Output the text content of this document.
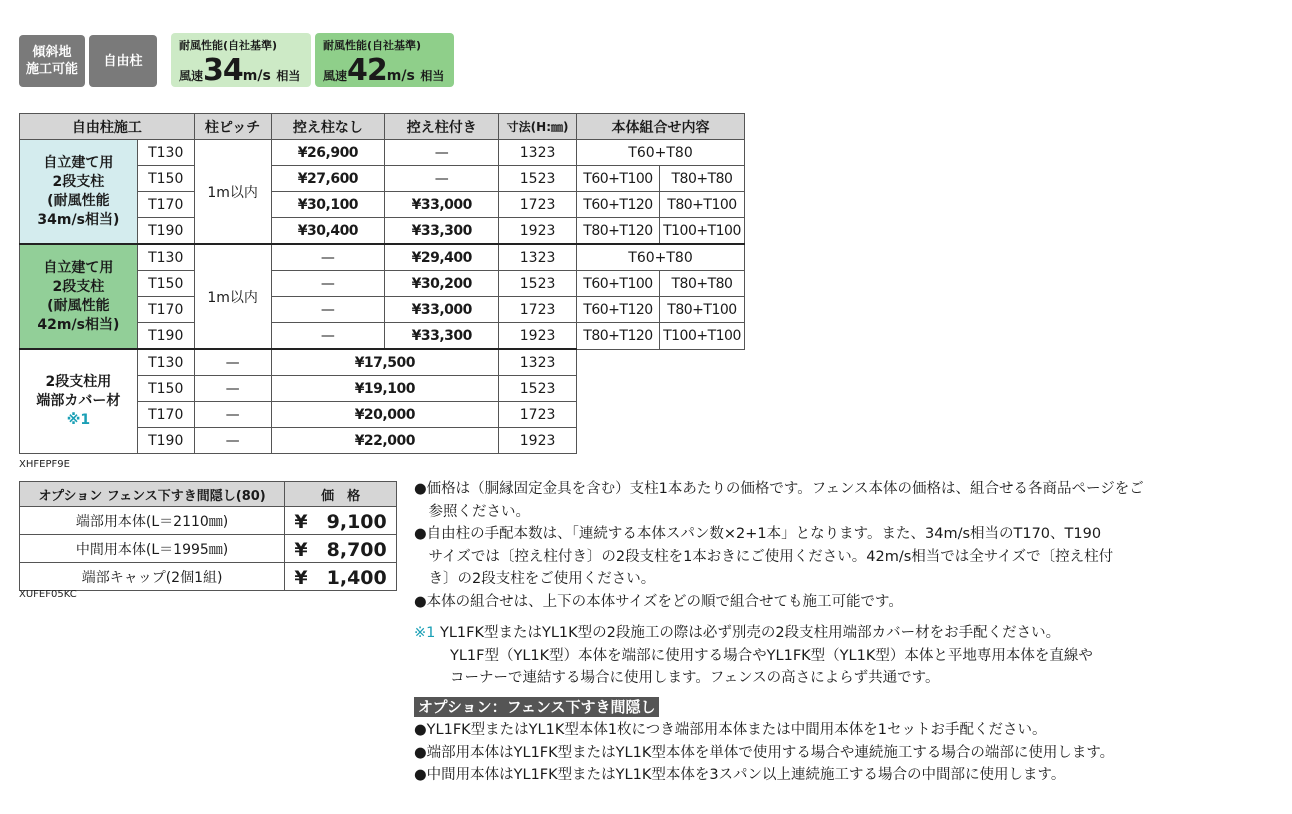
傾斜地
施工可能
自由柱
耐風性能(自社基準)
風速34m/s 相当
耐風性能(自社基準)
風速42m/s 相当
自由柱施工		柱ピッチ	控え柱なし	控え柱付き	寸法(H:㎜)	本体組合せ内容	
自立建て用
2段支柱
(耐風性能
34m/s相当)	T130	1m以内	¥26,900	—	1323	T60+T80	
	T150		¥27,600	—	1523	T60+T100	T80+T80
	T170		¥30,100	¥33,000	1723	T60+T120	T80+T100
	T190		¥30,400	¥33,300	1923	T80+T120	T100+T100
自立建て用
2段支柱
(耐風性能
42m/s相当)	T130	1m以内	—	¥29,400	1323	T60+T80	
	T150		—	¥30,200	1523	T60+T100	T80+T80
	T170		—	¥33,000	1723	T60+T120	T80+T100
	T190		—	¥33,300	1923	T80+T120	T100+T100
2段支柱用
端部カバー材
※1	T130	—	¥17,500		1323		
	T150	—	¥19,100		1523		
	T170	—	¥20,000		1723		
	T190	—	¥22,000		1923		
XHFEPF9E
オプション フェンス下すき間隠し(80)	価　格
端部用本体(L＝2110㎜)	¥　9,100
中間用本体(L＝1995㎜)	¥　8,700
端部キャップ(2個1組)	¥　1,400
XUFEF05KC
●価格は（胴縁固定金具を含む）支柱1本あたりの価格です。フェンス本体の価格は、組合せる各商品ページをご
　参照ください。
●自由柱の手配本数は、「連続する本体スパン数×2+1本」となります。また、34m/s相当のT170、T190
　サイズでは〔控え柱付き〕の2段支柱を1本おきにご使用ください。42m/s相当では全サイズで〔控え柱付
　き〕の2段支柱をご使用ください。
●本体の組合せは、上下の本体サイズをどの順で組合せても施工可能です。
※1 YL1FK型またはYL1K型の2段施工の際は必ず別売の2段支柱用端部カバー材をお手配ください。
YL1F型（YL1K型）本体を端部に使用する場合やYL1FK型（YL1K型）本体と平地専用本体を直線や
コーナーで連結する場合に使用します。フェンスの高さによらず共通です。
オプション：フェンス下すき間隠し
●YL1FK型またはYL1K型本体1枚につき端部用本体または中間用本体を1セットお手配ください。
●端部用本体はYL1FK型またはYL1K型本体を単体で使用する場合や連続施工する場合の端部に使用します。
●中間用本体はYL1FK型またはYL1K型本体を3スパン以上連続施工する場合の中間部に使用します。
